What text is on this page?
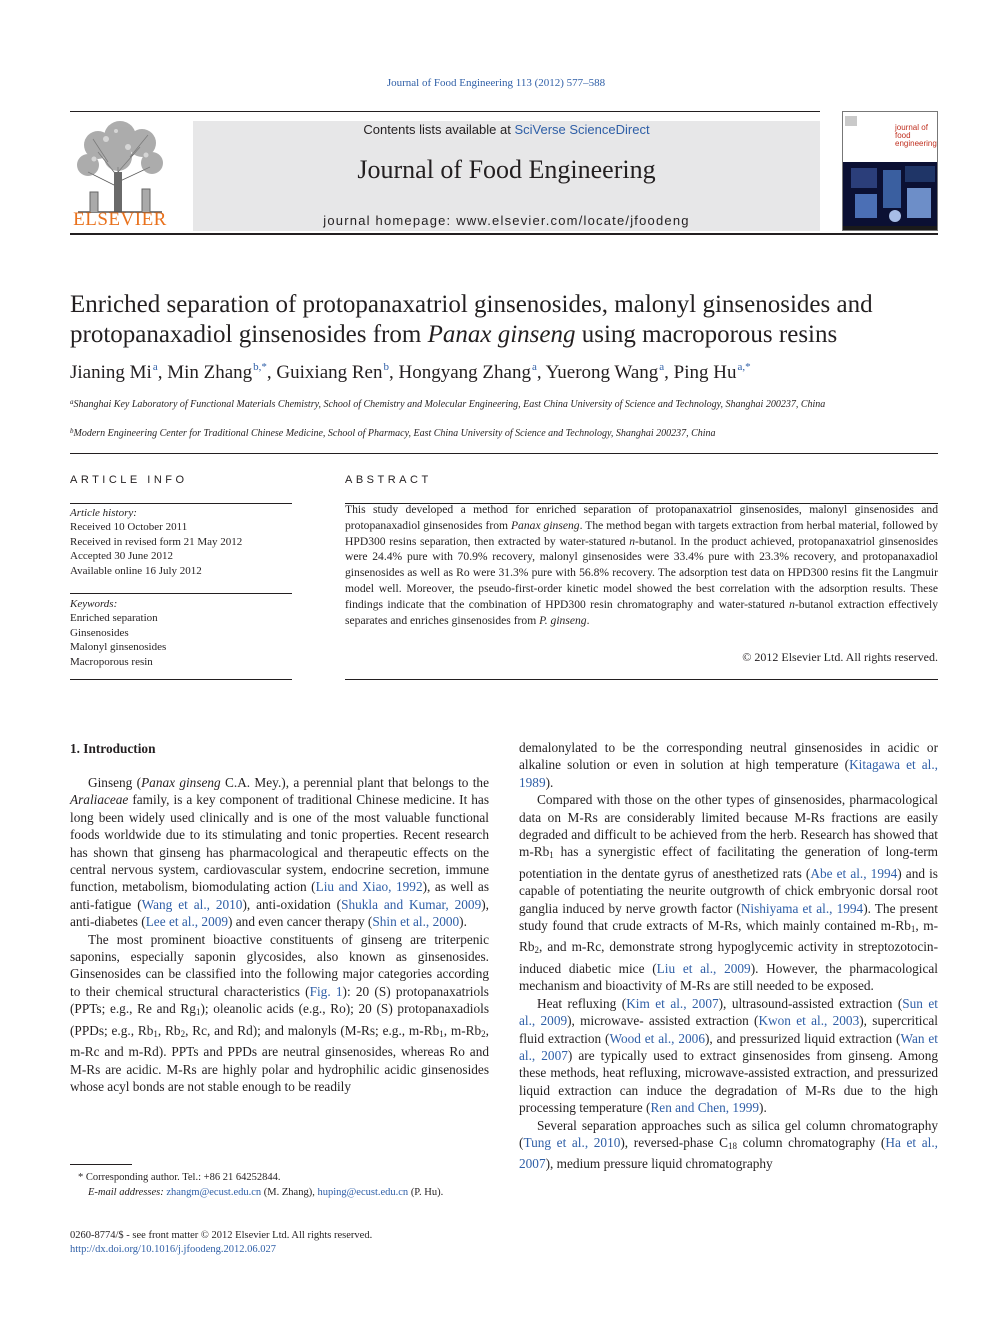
Journal of Food Engineering 113 (2012) 577–588
ELSEVIER
Contents lists available at SciVerse ScienceDirect
Journal of Food Engineering
journal homepage: www.elsevier.com/locate/jfoodeng
journal of food engineering
Enriched separation of protopanaxatriol ginsenosides, malonyl ginsenosides and protopanaxadiol ginsenosides from Panax ginseng using macroporous resins
Jianing Mi$^a$, Min Zhang$^{b,*}$, Guixiang Ren$^b$, Hongyang Zhang$^a$, Yuerong Wang$^a$, Ping $Hu^{a,*}$
$^a$Shanghai Key Laboratory of Functional Materials Chemistry, School of Chemistry and Molecular Engineering, East China University of Science and Technology, Shanghai 200237, China
$^b$Modern Engineering Center for Traditional Chinese Medicine, School of Pharmacy, East China University of Science and Technology, Shanghai 200237, China
ARTICLE INFO
Article history:
Received 10 October 2011
Received in revised form 21 May 2012
Accepted 30 June 2012
Available online 16 July 2012
Keywords:
Enriched separation
Ginsenosides
Malonyl ginsenosides
Macroporous resin
ABSTRACT
This study developed a method for enriched separation of protopanaxatriol ginsenosides, malonyl ginsenosides and protopanaxadiol ginsenosides from Panax ginseng. The method began with targets extraction from herbal material, followed by HPD300 resins separation, then extracted by water-statured n-butanol. In the product achieved, protopanaxatriol ginsenosides were 24.4% pure with 70.9% recovery, malonyl ginsenosides were 33.4% pure with 23.3% recovery, and protopanaxadiol ginsenosides as well as Ro were 31.3% pure with 56.8% recovery. The adsorption test data on HPD300 resins fit the Langmuir model well. Moreover, the pseudo-first-order kinetic model showed the best correlation with the adsorption results. These findings indicate that the combination of HPD300 resin chromatography and water-statured n-butanol extraction effectively separates and enriches ginsenosides from P. ginseng.
© 2012 Elsevier Ltd. All rights reserved.
1. Introduction

Ginseng (Panax ginseng C.A. Mey.), a perennial plant that belongs to the Araliaceae family, is a key component of traditional Chinese medicine. It has long been widely used clinically and is one of the most valuable functional foods worldwide due to its stimulating and tonic properties. Recent research has shown that ginseng has pharmacological and therapeutic effects on the central nervous system, cardiovascular system, endocrine secretion, immune function, metabolism, biomodulating action (Liu and Xiao, 1992), as well as anti-fatigue (Wang et al., 2010), anti-oxidation (Shukla and Kumar, 2009), anti-diabetes (Lee et al., 2009) and even cancer therapy (Shin et al., 2000).

The most prominent bioactive constituents of ginseng are triterpenic saponins, especially saponin glycosides, also known as ginsenosides. Ginsenosides can be classified into the following major categories according to their chemical structural characteristics (Fig. 1): 20 (S) protopanaxatriols (PPTs; e.g., Re and $Rg_1$); oleanolic acids (e.g., Ro); 20 (S) protopanaxadiols (PPDs; e.g., $Rb_1$, $Rb_2$, Rc, and Rd); and malonyls (M-Rs; e.g., $m-Rb_1$, $m-Rb_2$, m-Rc and m-Rd). PPTs and PPDs are neutral ginsenosides, whereas Ro and M-Rs are acidic. M-Rs are highly polar and hydrophilic acidic ginsenosides whose acyl bonds are not stable enough to be readily

demalonylated to be the corresponding neutral ginsenosides in acidic or alkaline solution or even in solution at high temperature (Kitagawa et al., 1989).

Compared with those on the other types of ginsenosides, pharmacological data on M-Rs are considerably limited because M-Rs fractions are easily degraded and difficult to be achieved from the herb. Research has showed that $m-Rb_1$ has a synergistic effect of facilitating the generation of long-term potentiation in the dentate gyrus of anesthetized rats (Abe et al., 1994) and is capable of potentiating the neurite outgrowth of chick embryonic dorsal root ganglia induced by nerve growth factor (Nishiyama et al., 1994). The present study found that crude extracts of M-Rs, which mainly contained $m-Rb_1$, $m-Rb_2$, and m-Rc, demonstrate strong hypoglycemic activity in streptozotocin-induced diabetic mice (Liu et al., 2009). However, the pharmacological mechanism and bioactivity of M-Rs are still needed to be exposed.

Heat refluxing (Kim et al., 2007), ultrasound-assisted extraction (Sun et al., 2009), microwave- assisted extraction (Kwon et al., 2003), supercritical fluid extraction (Wood et al., 2006), and pressurized liquid extraction (Wan et al., 2007) are typically used to extract ginsenosides from ginseng. Among these methods, heat refluxing, microwave-assisted extraction, and pressurized liquid extraction can induce the degradation of M-Rs due to the high processing temperature (Ren and Chen, 1999).

Several separation approaches such as silica gel column chromatography (Tung et al., 2010), reversed-phase $C_{18}$ column chromatography (Ha et al., 2007), medium pressure liquid chromatography

* Corresponding author. Tel.: +86 21 64252844.
E-mail addresses: zhangm@ecust.edu.cn (M. Zhang), huping@ecust.edu.cn (P. Hu).
0260-8774/$ - see front matter © 2012 Elsevier Ltd. All rights reserved.
http://dx.doi.org/10.1016/j.jfoodeng.2012.06.027
